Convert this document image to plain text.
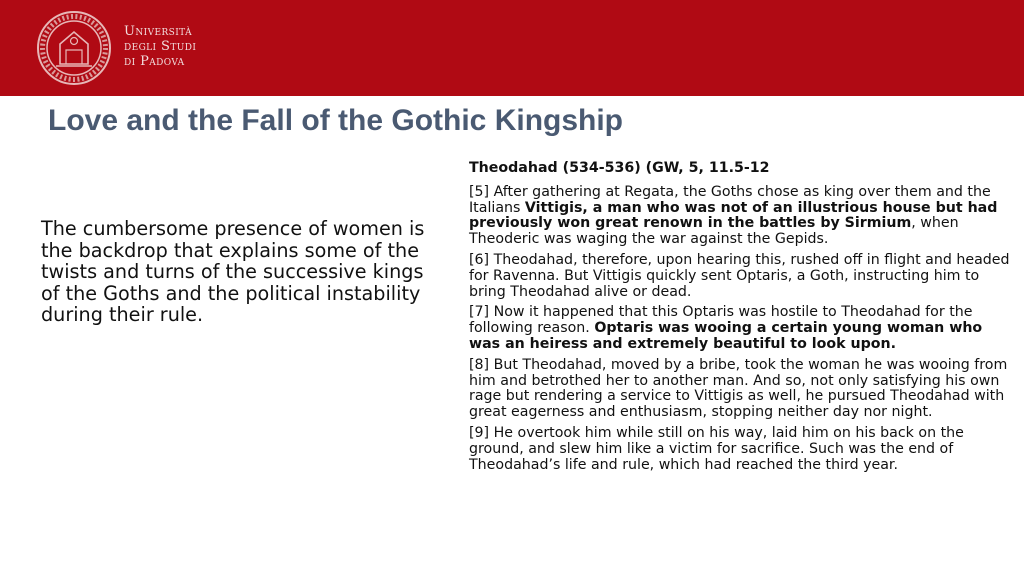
Università
degli Studi
di Padova
Love and the Fall of the Gothic Kingship

The cumbersome presence of women is the backdrop that explains some of the twists and turns of the successive kings of the Goths and the political instability during their rule.

Theodahad (534-536) (GW, 5, 11.5-12

[5] After gathering at Regata, the Goths chose as king over them and the Italians Vittigis, a man who was not of an illustrious house but had previously won great renown in the battles by Sirmium, when Theoderic was waging the war against the Gepids.

[6] Theodahad, therefore, upon hearing this, rushed off in flight and headed for Ravenna. But Vittigis quickly sent Optaris, a Goth, instructing him to bring Theodahad alive or dead.

[7] Now it happened that this Optaris was hostile to Theodahad for the following reason. Optaris was wooing a certain young woman who was an heiress and extremely beautiful to look upon.

[8] But Theodahad, moved by a bribe, took the woman he was wooing from him and betrothed her to another man. And so, not only satisfying his own rage but rendering a service to Vittigis as well, he pursued Theodahad with great eagerness and enthusiasm, stopping neither day nor night.

[9] He overtook him while still on his way, laid him on his back on the ground, and slew him like a victim for sacrifice. Such was the end of Theodahad’s life and rule, which had reached the third year.
